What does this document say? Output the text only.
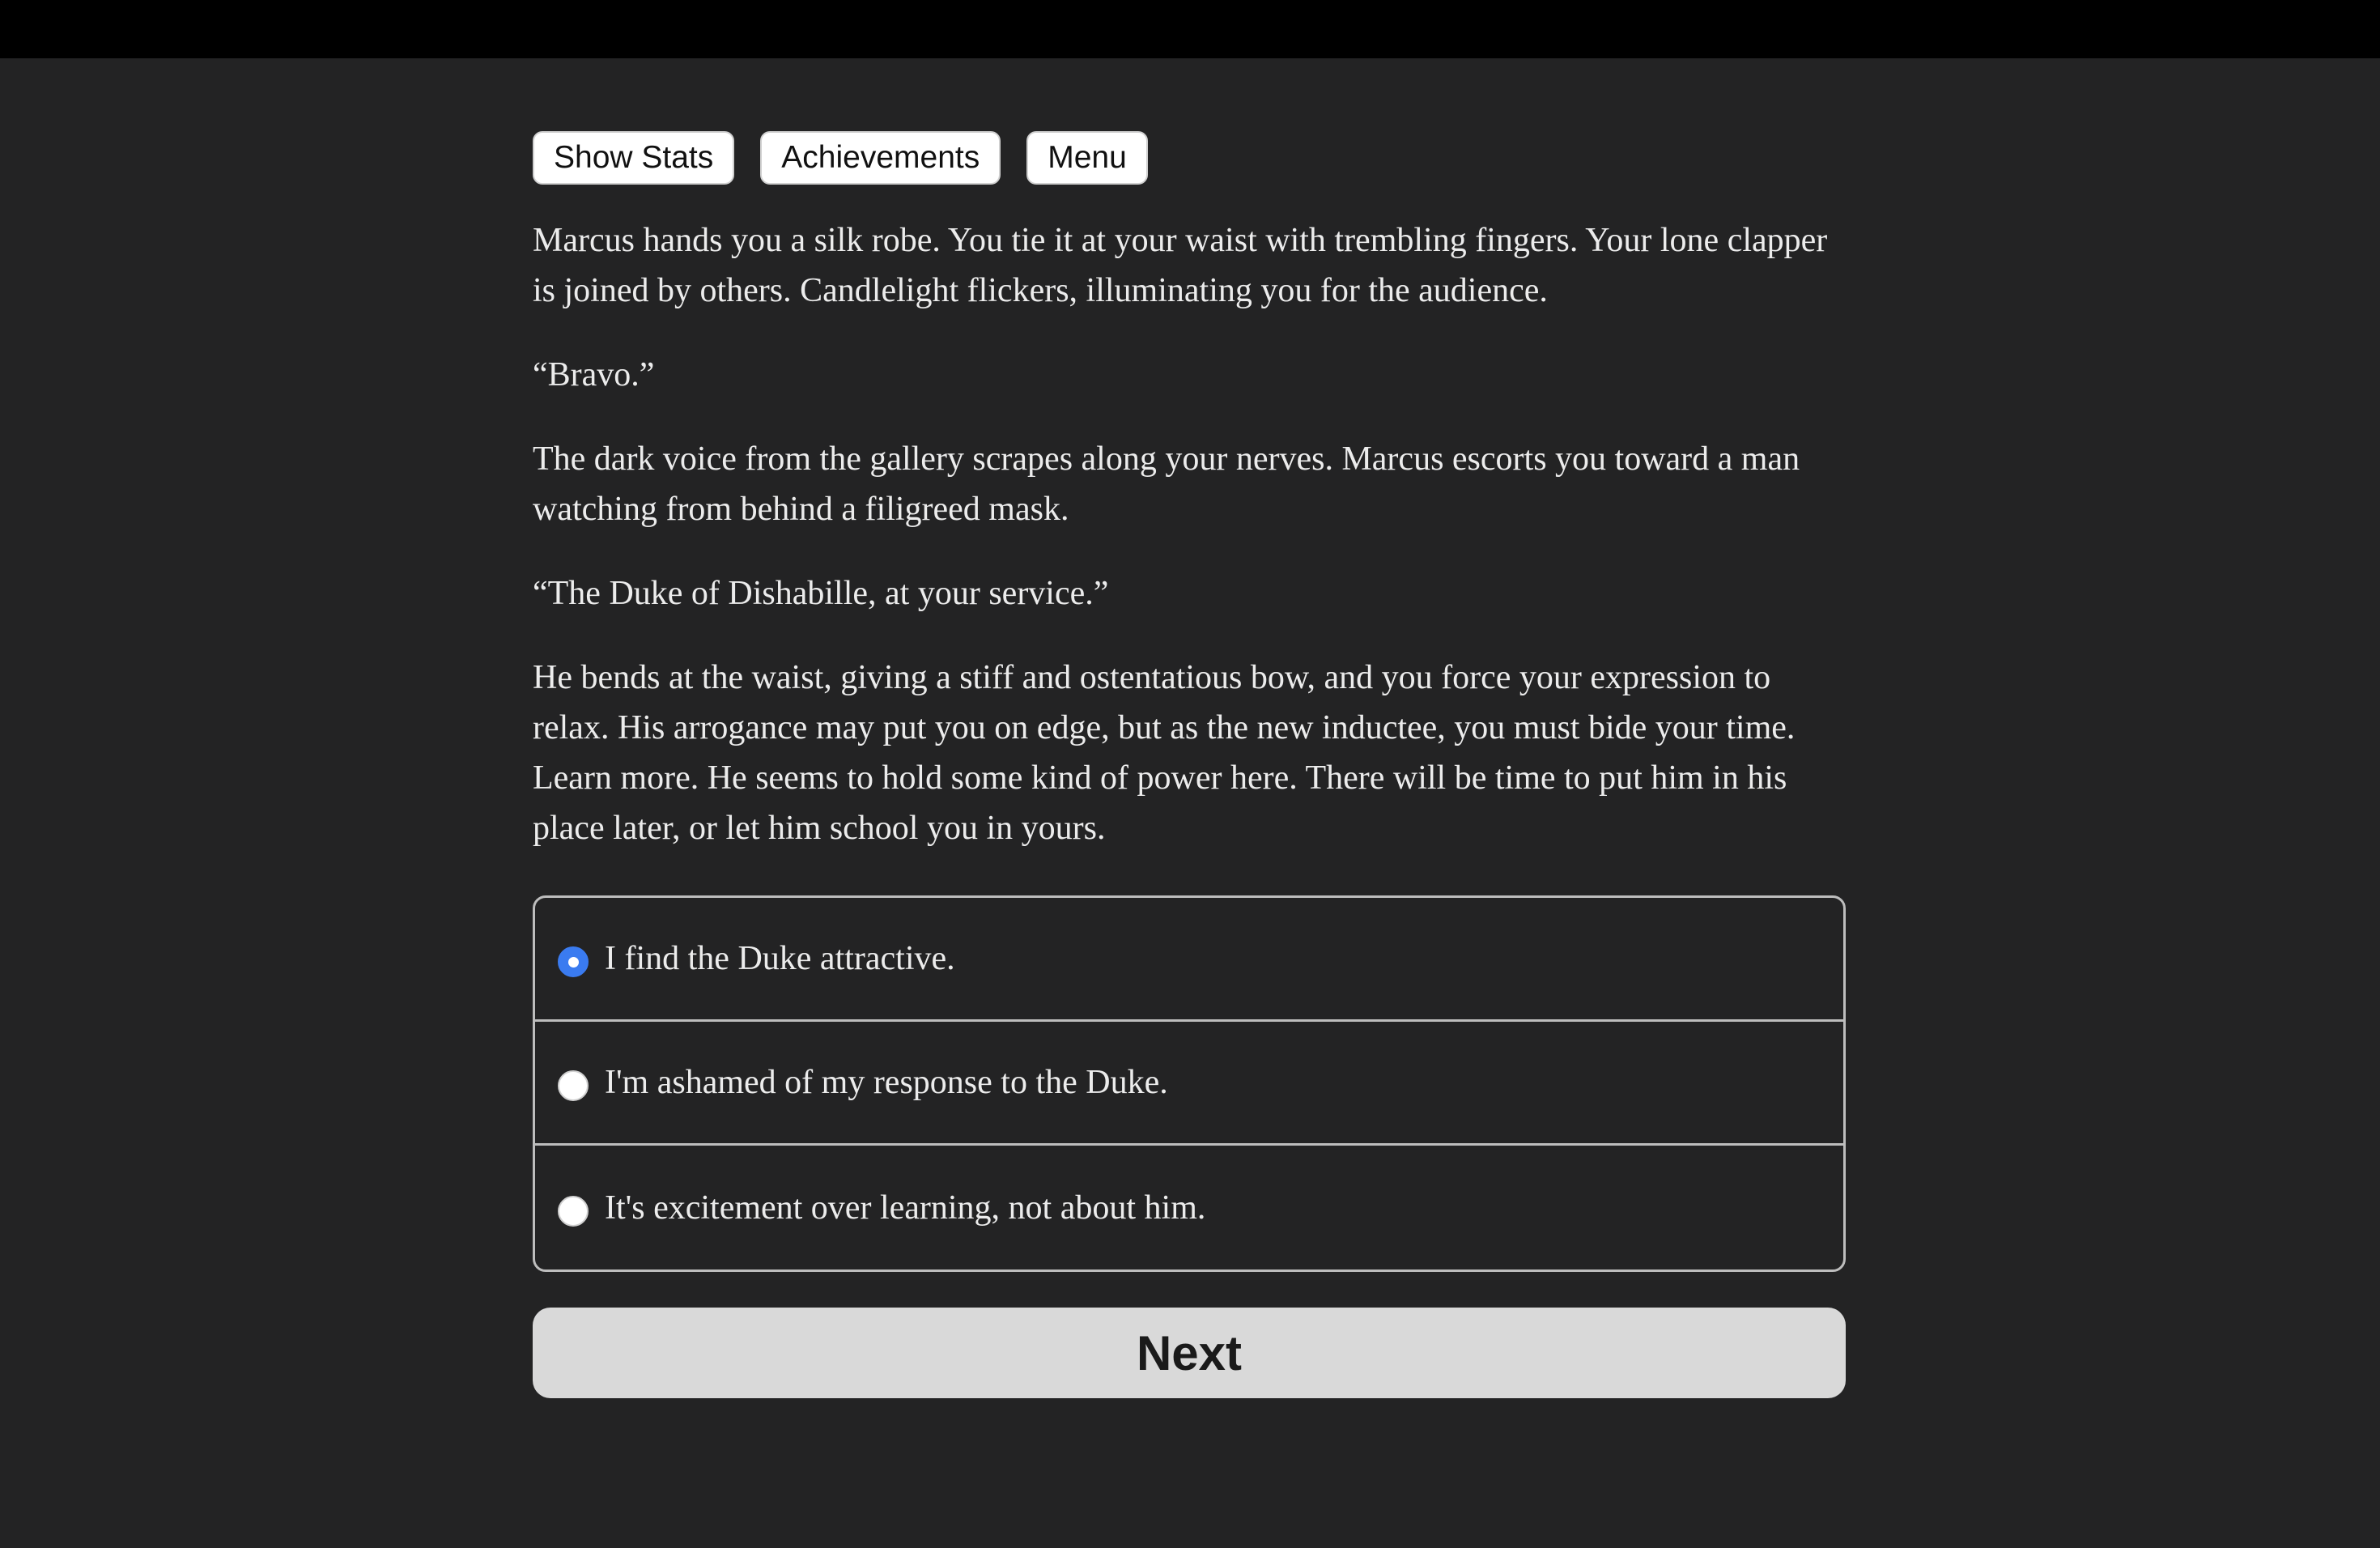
Show Stats	Achievements	Menu

Marcus hands you a silk robe. You tie it at your waist with trembling fingers. Your lone clapper is joined by others. Candlelight flickers, illuminating you for the audience.

“Bravo.”

The dark voice from the gallery scrapes along your nerves. Marcus escorts you toward a man watching from behind a filigreed mask.

“The Duke of Dishabille, at your service.”

He bends at the waist, giving a stiff and ostentatious bow, and you force your expression to relax. His arrogance may put you on edge, but as the new inductee, you must bide your time. Learn more. He seems to hold some kind of power here. There will be time to put him in his place later, or let him school you in yours.

I find the Duke attractive.
I'm ashamed of my response to the Duke.
It's excitement over learning, not about him.
Next
